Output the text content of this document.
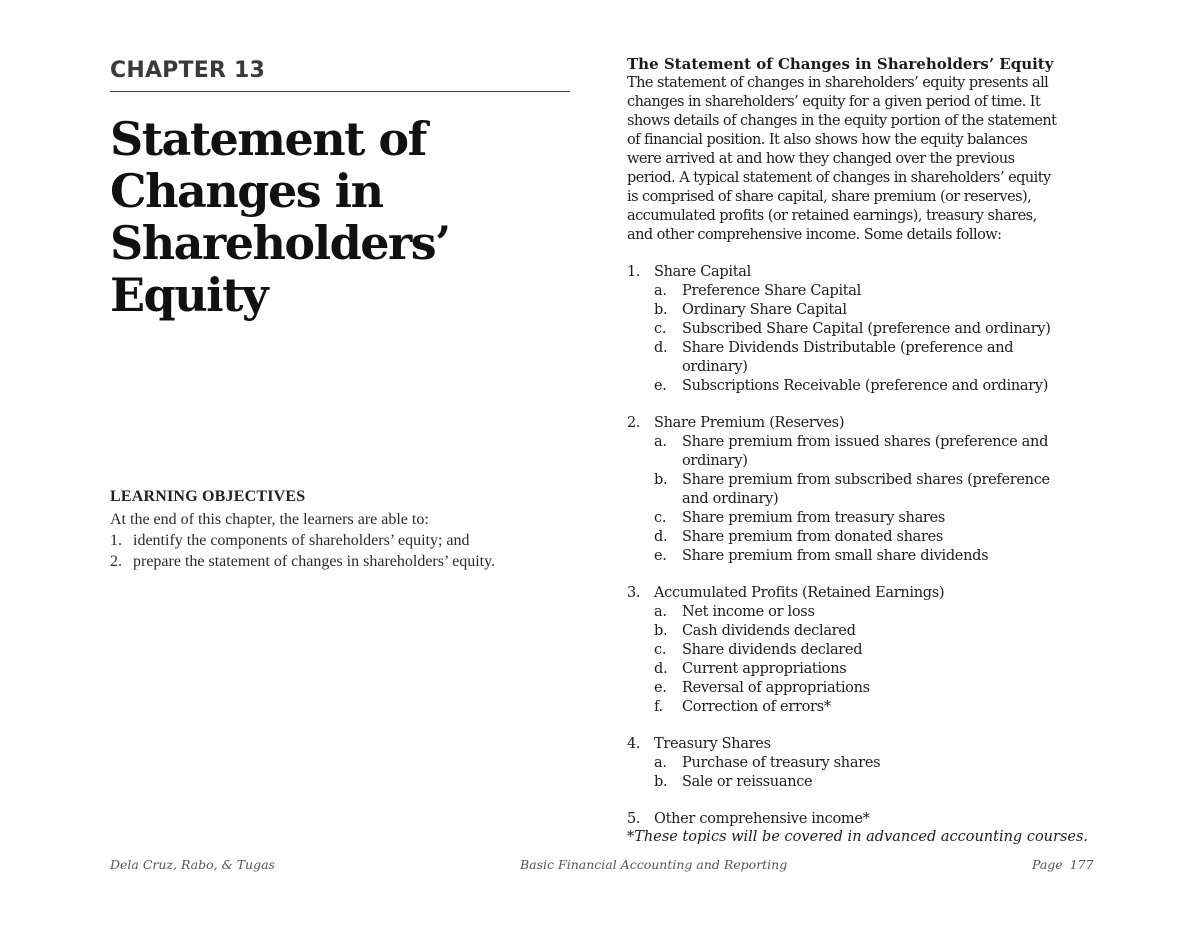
CHAPTER 13
Statement of
Changes in
Shareholders’
Equity
LEARNING OBJECTIVES
At the end of this chapter, the learners are able to:
1. identify the components of shareholders’ equity; and
2. prepare the statement of changes in shareholders’ equity.
The Statement of Changes in Shareholders’ Equity

The statement of changes in shareholders’ equity presents all

changes in shareholders’ equity for a given period of time. It

shows details of changes in the equity portion of the statement

of financial position. It also shows how the equity balances

were arrived at and how they changed over the previous

period. A typical statement of changes in shareholders’ equity

is comprised of share capital, share premium (or reserves),

accumulated profits (or retained earnings), treasury shares,

and other comprehensive income. Some details follow:

1. Share Capital
a. Preference Share Capital
b. Ordinary Share Capital
c. Subscribed Share Capital (preference and ordinary)
d. Share Dividends Distributable (preference and
ordinary)
e. Subscriptions Receivable (preference and ordinary)
2. Share Premium (Reserves)
a. Share premium from issued shares (preference and
ordinary)
b. Share premium from subscribed shares (preference
and ordinary)
c. Share premium from treasury shares
d. Share premium from donated shares
e. Share premium from small share dividends
3. Accumulated Profits (Retained Earnings)
a. Net income or loss
b. Cash dividends declared
c. Share dividends declared
d. Current appropriations
e. Reversal of appropriations
f. Correction of errors*
4. Treasury Shares
a. Purchase of treasury shares
b. Sale or reissuance
5. Other comprehensive income*
*These topics will be covered in advanced accounting courses.
Dela Cruz, Rabo, & Tugas	Basic Financial Accounting and Reporting	Page 177
